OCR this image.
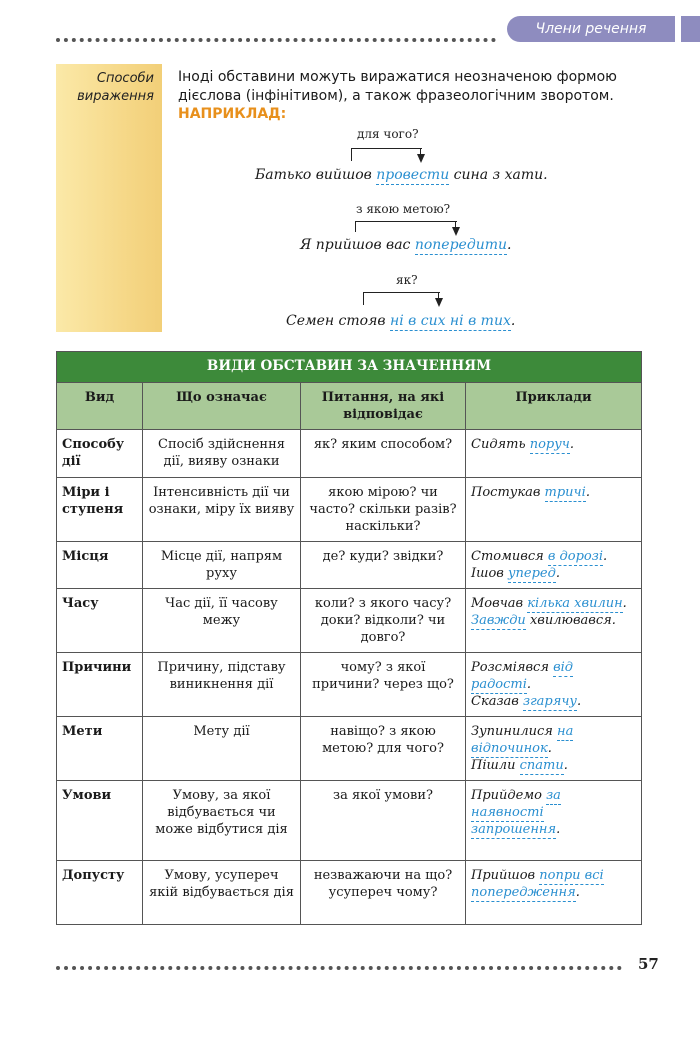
Члени речення
Способи
вираження
Іноді обставини можуть виражатися неозначеною формою дієслова (інфінітивом), а також фразеологічним зворотом.
НАПРИКЛАД:
для чого?
Батько вийшов провести сина з хати.
з якою метою?
Я прийшов вас попередити.
як?
Семен стояв ні в сих ні в тих.
ВИДИ ОБСТАВИН ЗА ЗНАЧЕННЯМ			
Вид	Що означає	Питання, на які відповідає	Приклади
Способу дії	Спосіб здійснення дії, вияву ознаки	як? яким способом?	Сидять поруч.

Міри і ступеня	Інтенсивність дії чи ознаки, міру їх вияву	якою мірою? чи часто? скільки разів? наскільки?	Постукав тричі.

Місця	Місце дії, напрям руху	де? куди? звідки?	Стомився в дорозі.
Ішов уперед.

Часу	Час дії, її часову межу	коли? з якого часу? доки? відколи? чи довго?	Мовчав кілька хвилин.
Завжди хвилювався.

Причини	Причину, підставу виникнення дії	чому? з якої причини? через що?	Розсміявся від радості.
Сказав згарячу.

Мети	Мету дії	навіщо? з якою метою? для чого?	Зупинилися на відпочинок.
Пішли спати.

Умови	Умову, за якої відбувається чи може відбутися дія	за якої умови?	Прийдемо за наявності запрошення.

Допусту	Умову, усупереч якій відбувається дія	незважаючи на що? усупереч чому?	Прийшов попри всі попередження.
57
